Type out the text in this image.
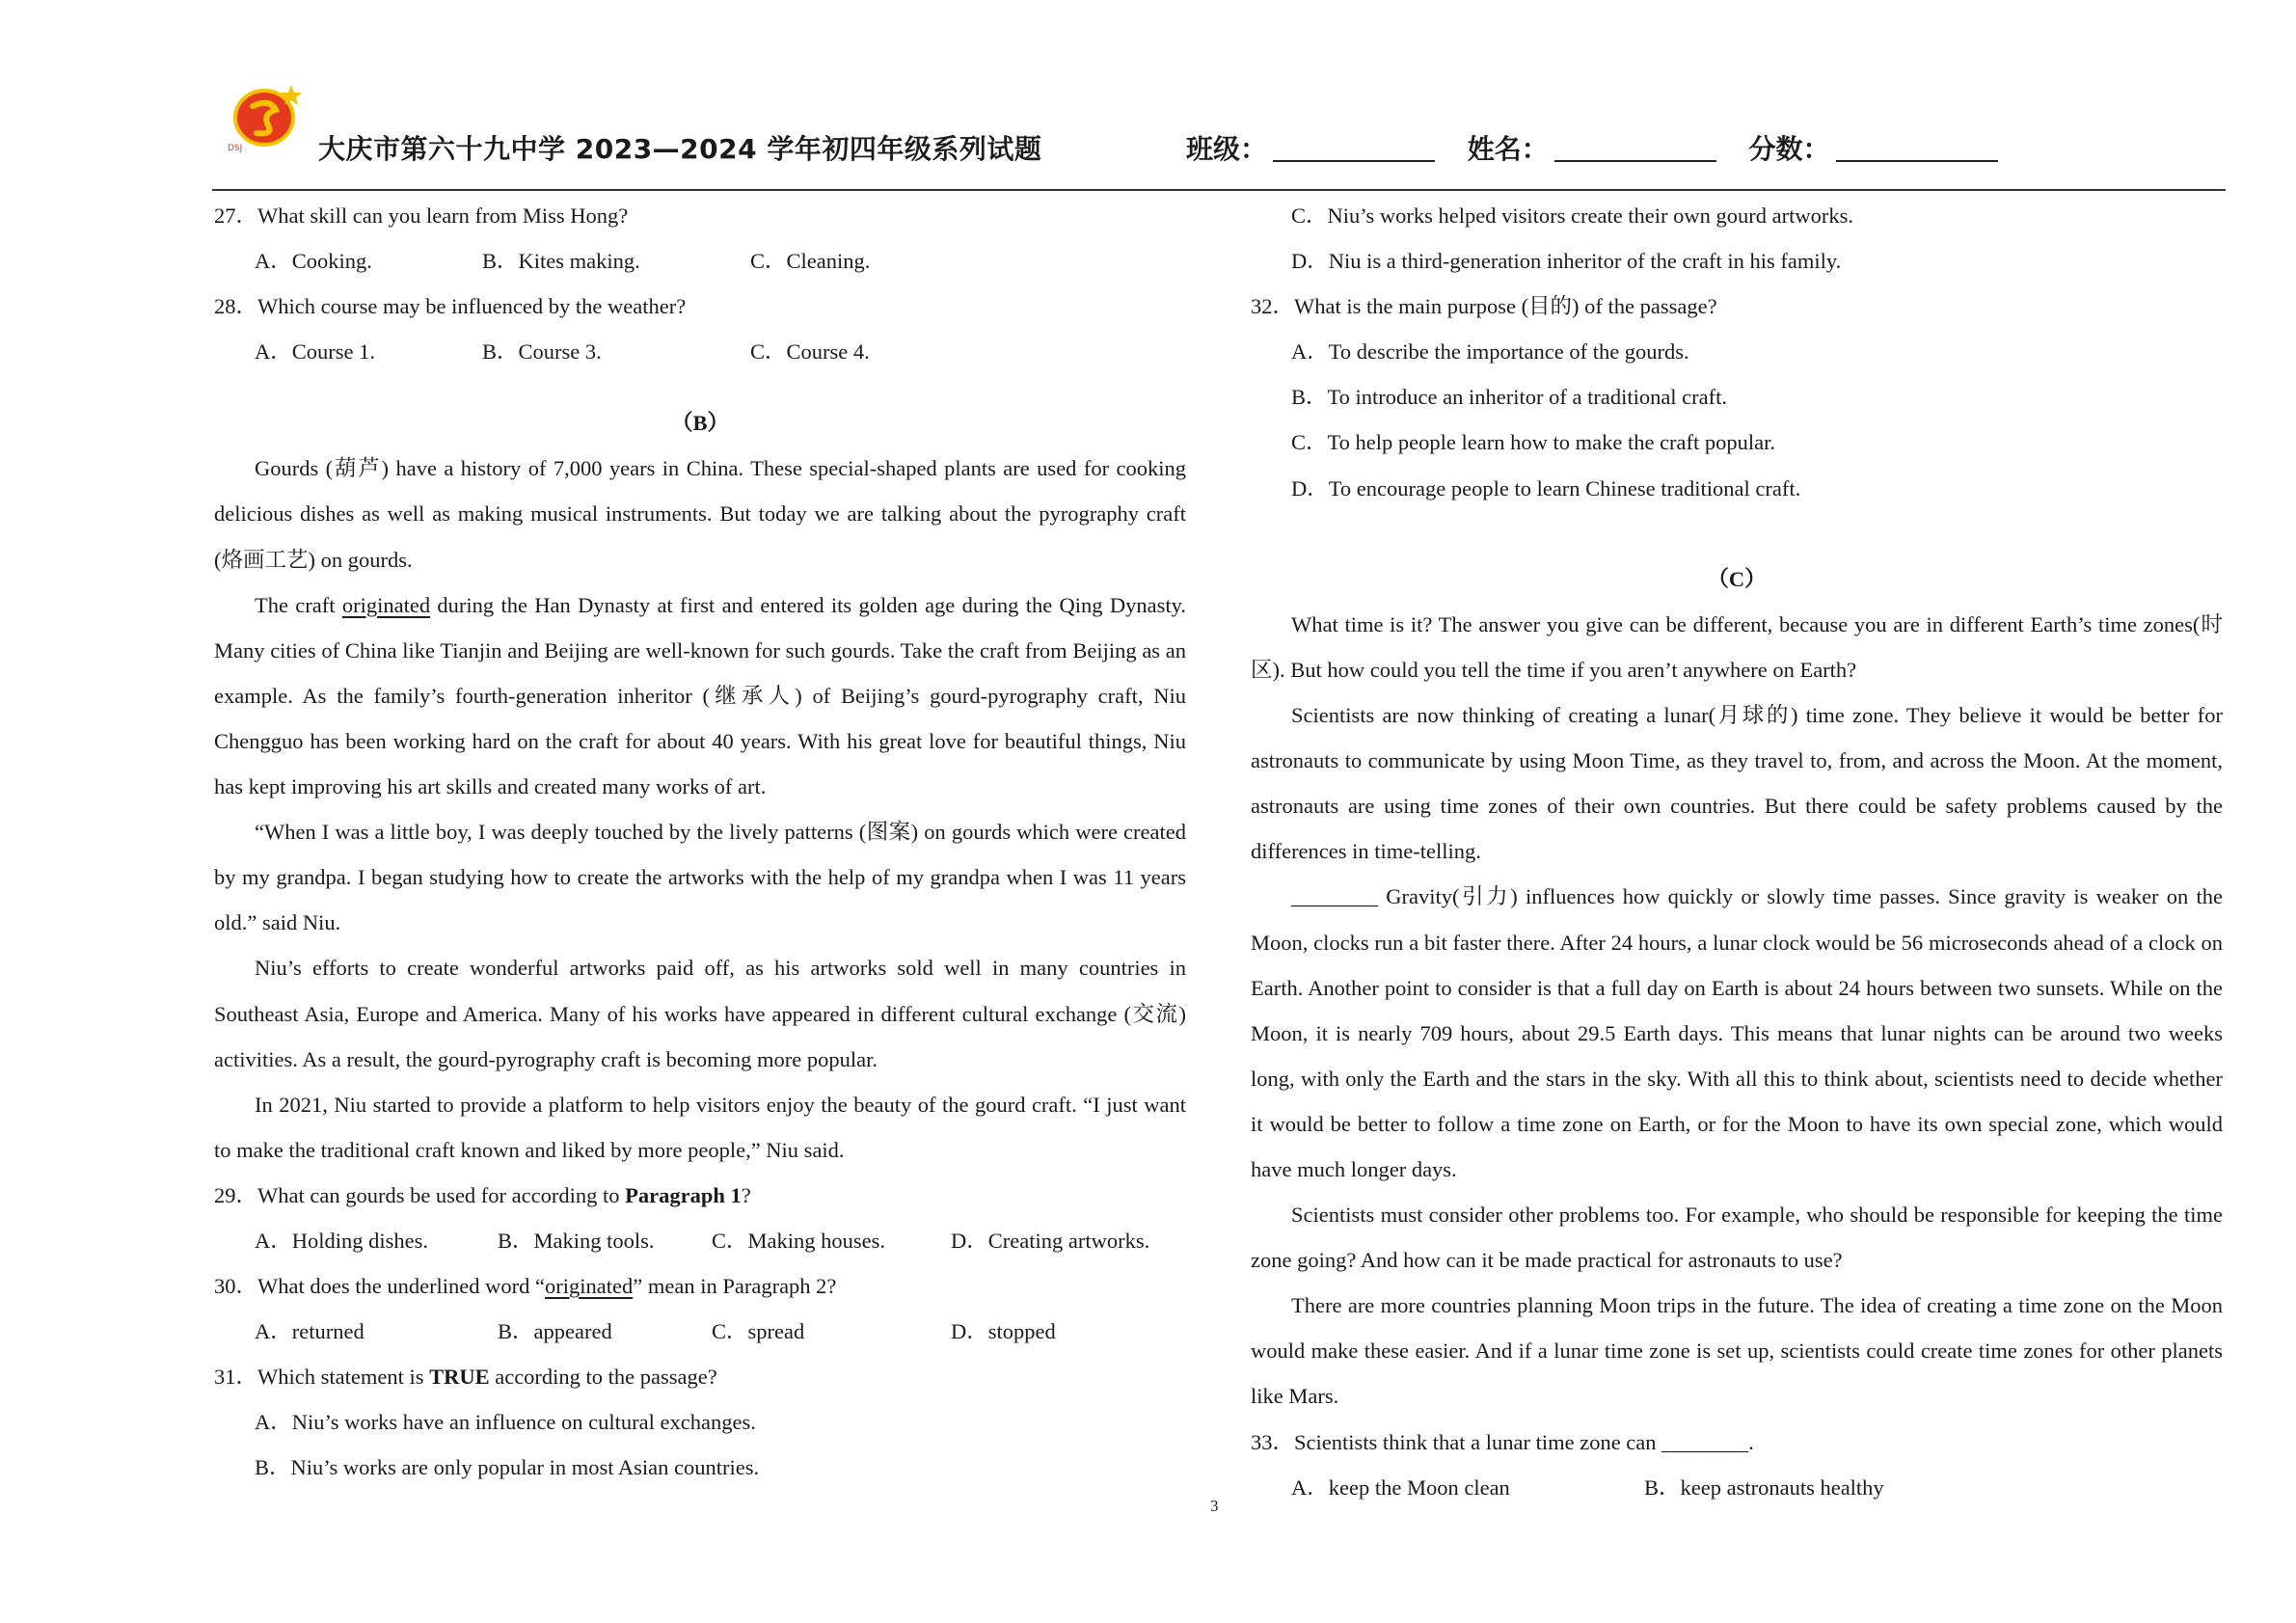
DSJ	大庆市第六十九中学 2023—2024 学年初四年级系列试题	班级：	姓名：	分数：

27．What skill can you learn from Miss Hong?

A．Cooking.	B．Kites making.	C．Cleaning.

28．Which course may be influenced by the weather?

A．Course 1.	B．Course 3.	C．Course 4.

（B）

Gourds (葫芦) have a history of 7,000 years in China. These special-shaped plants are used for cooking delicious dishes as well as making musical instruments. But today we are talking about the pyrography craft (烙画工艺) on gourds.

The craft originated during the Han Dynasty at first and entered its golden age during the Qing Dynasty. Many cities of China like Tianjin and Beijing are well-known for such gourds. Take the craft from Beijing as an example. As the family’s fourth-generation inheritor (继承人) of Beijing’s gourd-pyrography craft, Niu Chengguo has been working hard on the craft for about 40 years. With his great love for beautiful things, Niu has kept improving his art skills and created many works of art.

“When I was a little boy, I was deeply touched by the lively patterns (图案) on gourds which were created by my grandpa. I began studying how to create the artworks with the help of my grandpa when I was 11 years old.” said Niu.

Niu’s efforts to create wonderful artworks paid off, as his artworks sold well in many countries in Southeast Asia, Europe and America. Many of his works have appeared in different cultural exchange (交流) activities. As a result, the gourd-pyrography craft is becoming more popular.

In 2021, Niu started to provide a platform to help visitors enjoy the beauty of the gourd craft. “I just want to make the traditional craft known and liked by more people,” Niu said.

29．What can gourds be used for according to Paragraph 1?

A．Holding dishes.	B．Making tools.	C．Making houses.	D．Creating artworks.

30．What does the underlined word “originated” mean in Paragraph 2?

A．returned	B．appeared	C．spread	D．stopped

31．Which statement is TRUE according to the passage?

A．Niu’s works have an influence on cultural exchanges.

B．Niu’s works are only popular in most Asian countries.

C．Niu’s works helped visitors create their own gourd artworks.

D．Niu is a third-generation inheritor of the craft in his family.

32．What is the main purpose (目的) of the passage?

A．To describe the importance of the gourds.

B．To introduce an inheritor of a traditional craft.

C．To help people learn how to make the craft popular.

D．To encourage people to learn Chinese traditional craft.

（C）

What time is it? The answer you give can be different, because you are in different Earth’s time zones(时区). But how could you tell the time if you aren’t anywhere on Earth?

Scientists are now thinking of creating a lunar(月球的) time zone. They believe it would be better for astronauts to communicate by using Moon Time, as they travel to, from, and across the Moon. At the moment, astronauts are using time zones of their own countries. But there could be safety problems caused by the differences in time-telling.

________ Gravity(引力) influences how quickly or slowly time passes. Since gravity is weaker on the Moon, clocks run a bit faster there. After 24 hours, a lunar clock would be 56 microseconds ahead of a clock on Earth. Another point to consider is that a full day on Earth is about 24 hours between two sunsets. While on the Moon, it is nearly 709 hours, about 29.5 Earth days. This means that lunar nights can be around two weeks long, with only the Earth and the stars in the sky. With all this to think about, scientists need to decide whether it would be better to follow a time zone on Earth, or for the Moon to have its own special zone, which would have much longer days.

Scientists must consider other problems too. For example, who should be responsible for keeping the time zone going? And how can it be made practical for astronauts to use?

There are more countries planning Moon trips in the future. The idea of creating a time zone on the Moon would make these easier. And if a lunar time zone is set up, scientists could create time zones for other planets like Mars.

33．Scientists think that a lunar time zone can ________.

A．keep the Moon clean	B．keep astronauts healthy
3
